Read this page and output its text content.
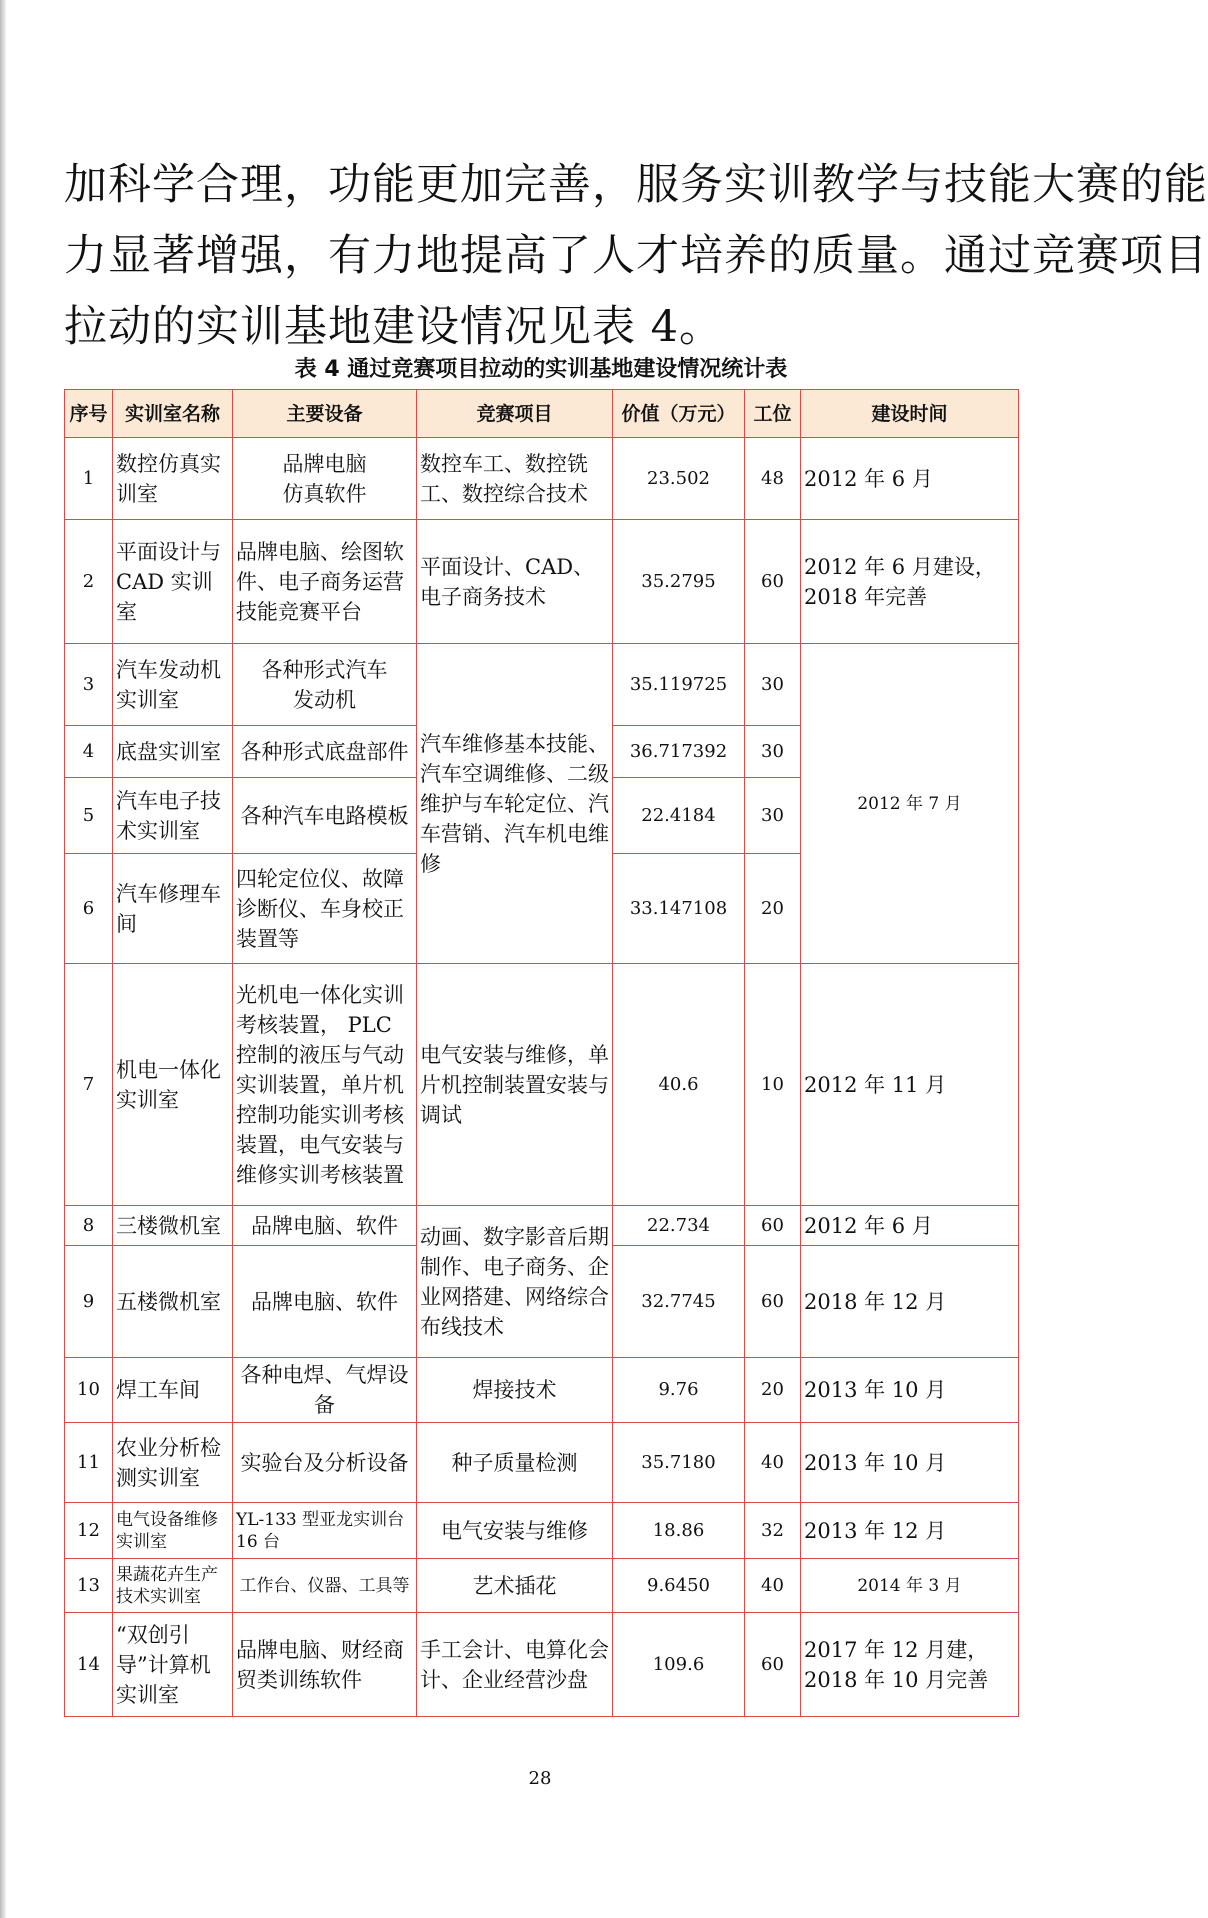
加科学合理，功能更加完善，服务实训教学与技能大赛的能
力显著增强，有力地提高了人才培养的质量。通过竞赛项目
拉动的实训基地建设情况见表 4。
表 4 通过竞赛项目拉动的实训基地建设情况统计表
序号	实训室名称	主要设备	竞赛项目	价值（万元）	工位	建设时间
1	数控仿真实训室	品牌电脑
仿真软件	数控车工、数控铣工、数控综合技术	23.502	48	2012 年 6 月
2	平面设计与
CAD 实训室	品牌电脑、绘图软件、电子商务运营技能竞赛平台	平面设计、CAD、电子商务技术	35.2795	60	2012 年 6 月建设，2018 年完善
3	汽车发动机实训室	各种形式汽车
发动机	汽车维修基本技能、汽车空调维修、二级维护与车轮定位、汽车营销、汽车机电维修	35.119725	30	2012 年 7 月
4	底盘实训室	各种形式底盘部件		36.717392	30	
5	汽车电子技术实训室	各种汽车电路模板		22.4184	30	
6	汽车修理车间	四轮定位仪、故障诊断仪、车身校正装置等		33.147108	20	
7	机电一体化实训室	光机电一体化实训考核装置， PLC 控制的液压与气动实训装置，单片机控制功能实训考核装置，电气安装与维修实训考核装置	电气安装与维修，单片机控制装置安装与调试	40.6	10	2012 年 11 月
8	三楼微机室	品牌电脑、软件	动画、数字影音后期制作、电子商务、企业网搭建、网络综合布线技术	22.734	60	2012 年 6 月
9	五楼微机室	品牌电脑、软件		32.7745	60	2018 年 12 月
10	焊工车间	各种电焊、气焊设备	焊接技术	9.76	20	2013 年 10 月
11	农业分析检测实训室	实验台及分析设备	种子质量检测	35.7180	40	2013 年 10 月
12	电气设备维修实训室	YL-133 型亚龙实训台 16 台	电气安装与维修	18.86	32	2013 年 12 月
13	果蔬花卉生产技术实训室	工作台、仪器、工具等	艺术插花	9.6450	40	2014 年 3 月
14	“双创引导”计算机实训室	品牌电脑、财经商贸类训练软件	手工会计、电算化会计、企业经营沙盘	109.6	60	2017 年 12 月建，2018 年 10 月完善
28
